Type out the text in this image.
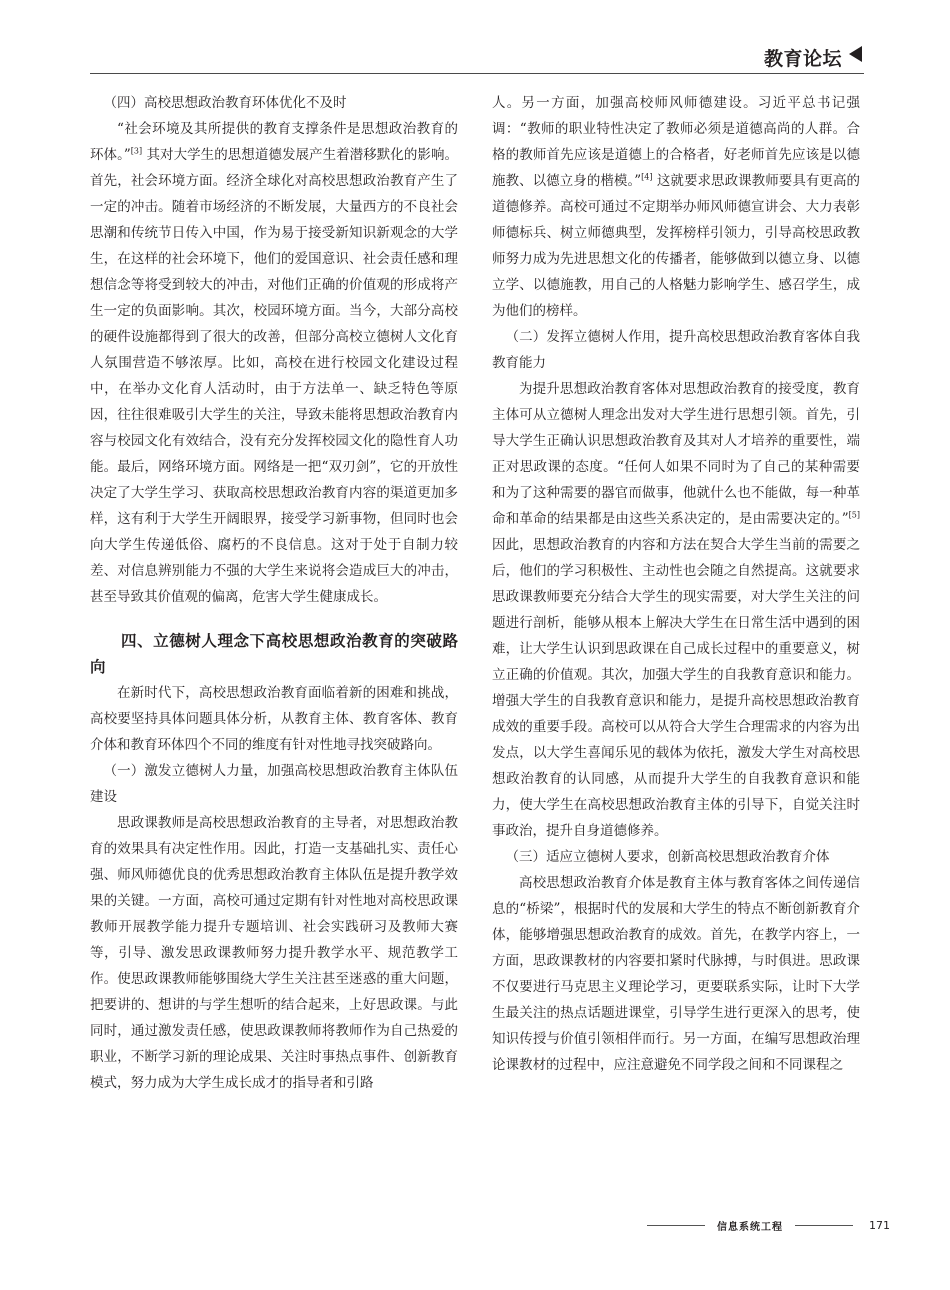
教育论坛

（四）高校思想政治教育环体优化不及时

“社会环境及其所提供的教育支撑条件是思想政治教育的环体。”[3] 其对大学生的思想道德发展产生着潜移默化的影响。首先，社会环境方面。经济全球化对高校思想政治教育产生了一定的冲击。随着市场经济的不断发展，大量西方的不良社会思潮和传统节日传入中国，作为易于接受新知识新观念的大学生，在这样的社会环境下，他们的爱国意识、社会责任感和理想信念等将受到较大的冲击，对他们正确的价值观的形成将产生一定的负面影响。其次，校园环境方面。当今，大部分高校的硬件设施都得到了很大的改善，但部分高校立德树人文化育人氛围营造不够浓厚。比如，高校在进行校园文化建设过程中，在举办文化育人活动时，由于方法单一、缺乏特色等原因，往往很难吸引大学生的关注，导致未能将思想政治教育内容与校园文化有效结合，没有充分发挥校园文化的隐性育人功能。最后，网络环境方面。网络是一把“双刃剑”，它的开放性决定了大学生学习、获取高校思想政治教育内容的渠道更加多样，这有利于大学生开阔眼界，接受学习新事物，但同时也会向大学生传递低俗、腐朽的不良信息。这对于处于自制力较差、对信息辨别能力不强的大学生来说将会造成巨大的冲击，甚至导致其价值观的偏离，危害大学生健康成长。

四、立德树人理念下高校思想政治教育的突破路向

在新时代下，高校思想政治教育面临着新的困难和挑战，高校要坚持具体问题具体分析，从教育主体、教育客体、教育介体和教育环体四个不同的维度有针对性地寻找突破路向。

（一）激发立德树人力量，加强高校思想政治教育主体队伍建设

思政课教师是高校思想政治教育的主导者，对思想政治教育的效果具有决定性作用。因此，打造一支基础扎实、责任心强、师风师德优良的优秀思想政治教育主体队伍是提升教学效果的关键。一方面，高校可通过定期有针对性地对高校思政课教师开展教学能力提升专题培训、社会实践研习及教师大赛等，引导、激发思政课教师努力提升教学水平、规范教学工作。使思政课教师能够围绕大学生关注甚至迷惑的重大问题，把要讲的、想讲的与学生想听的结合起来，上好思政课。与此同时，通过激发责任感，使思政课教师将教师作为自己热爱的职业，不断学习新的理论成果、关注时事热点事件、创新教育模式，努力成为大学生成长成才的指导者和引路

人。另一方面，加强高校师风师德建设。习近平总书记强调：“教师的职业特性决定了教师必须是道德高尚的人群。合格的教师首先应该是道德上的合格者，好老师首先应该是以德施教、以德立身的楷模。”[4] 这就要求思政课教师要具有更高的道德修养。高校可通过不定期举办师风师德宣讲会、大力表彰师德标兵、树立师德典型，发挥榜样引领力，引导高校思政教师努力成为先进思想文化的传播者，能够做到以德立身、以德立学、以德施教，用自己的人格魅力影响学生、感召学生，成为他们的榜样。

（二）发挥立德树人作用，提升高校思想政治教育客体自我教育能力

为提升思想政治教育客体对思想政治教育的接受度，教育主体可从立德树人理念出发对大学生进行思想引领。首先，引导大学生正确认识思想政治教育及其对人才培养的重要性，端正对思政课的态度。“任何人如果不同时为了自己的某种需要和为了这种需要的器官而做事，他就什么也不能做，每一种革命和革命的结果都是由这些关系决定的，是由需要决定的。”[5] 因此，思想政治教育的内容和方法在契合大学生当前的需要之后，他们的学习积极性、主动性也会随之自然提高。这就要求思政课教师要充分结合大学生的现实需要，对大学生关注的问题进行剖析，能够从根本上解决大学生在日常生活中遇到的困难，让大学生认识到思政课在自己成长过程中的重要意义，树立正确的价值观。其次，加强大学生的自我教育意识和能力。增强大学生的自我教育意识和能力，是提升高校思想政治教育成效的重要手段。高校可以从符合大学生合理需求的内容为出发点，以大学生喜闻乐见的载体为依托，激发大学生对高校思想政治教育的认同感，从而提升大学生的自我教育意识和能力，使大学生在高校思想政治教育主体的引导下，自觉关注时事政治，提升自身道德修养。

（三）适应立德树人要求，创新高校思想政治教育介体

高校思想政治教育介体是教育主体与教育客体之间传递信息的“桥梁”，根据时代的发展和大学生的特点不断创新教育介体，能够增强思想政治教育的成效。首先，在教学内容上，一方面，思政课教材的内容要扣紧时代脉搏，与时俱进。思政课不仅要进行马克思主义理论学习，更要联系实际，让时下大学生最关注的热点话题进课堂，引导学生进行更深入的思考，使知识传授与价值引领相伴而行。另一方面，在编写思想政治理论课教材的过程中，应注意避免不同学段之间和不同课程之

信息系统工程	171
